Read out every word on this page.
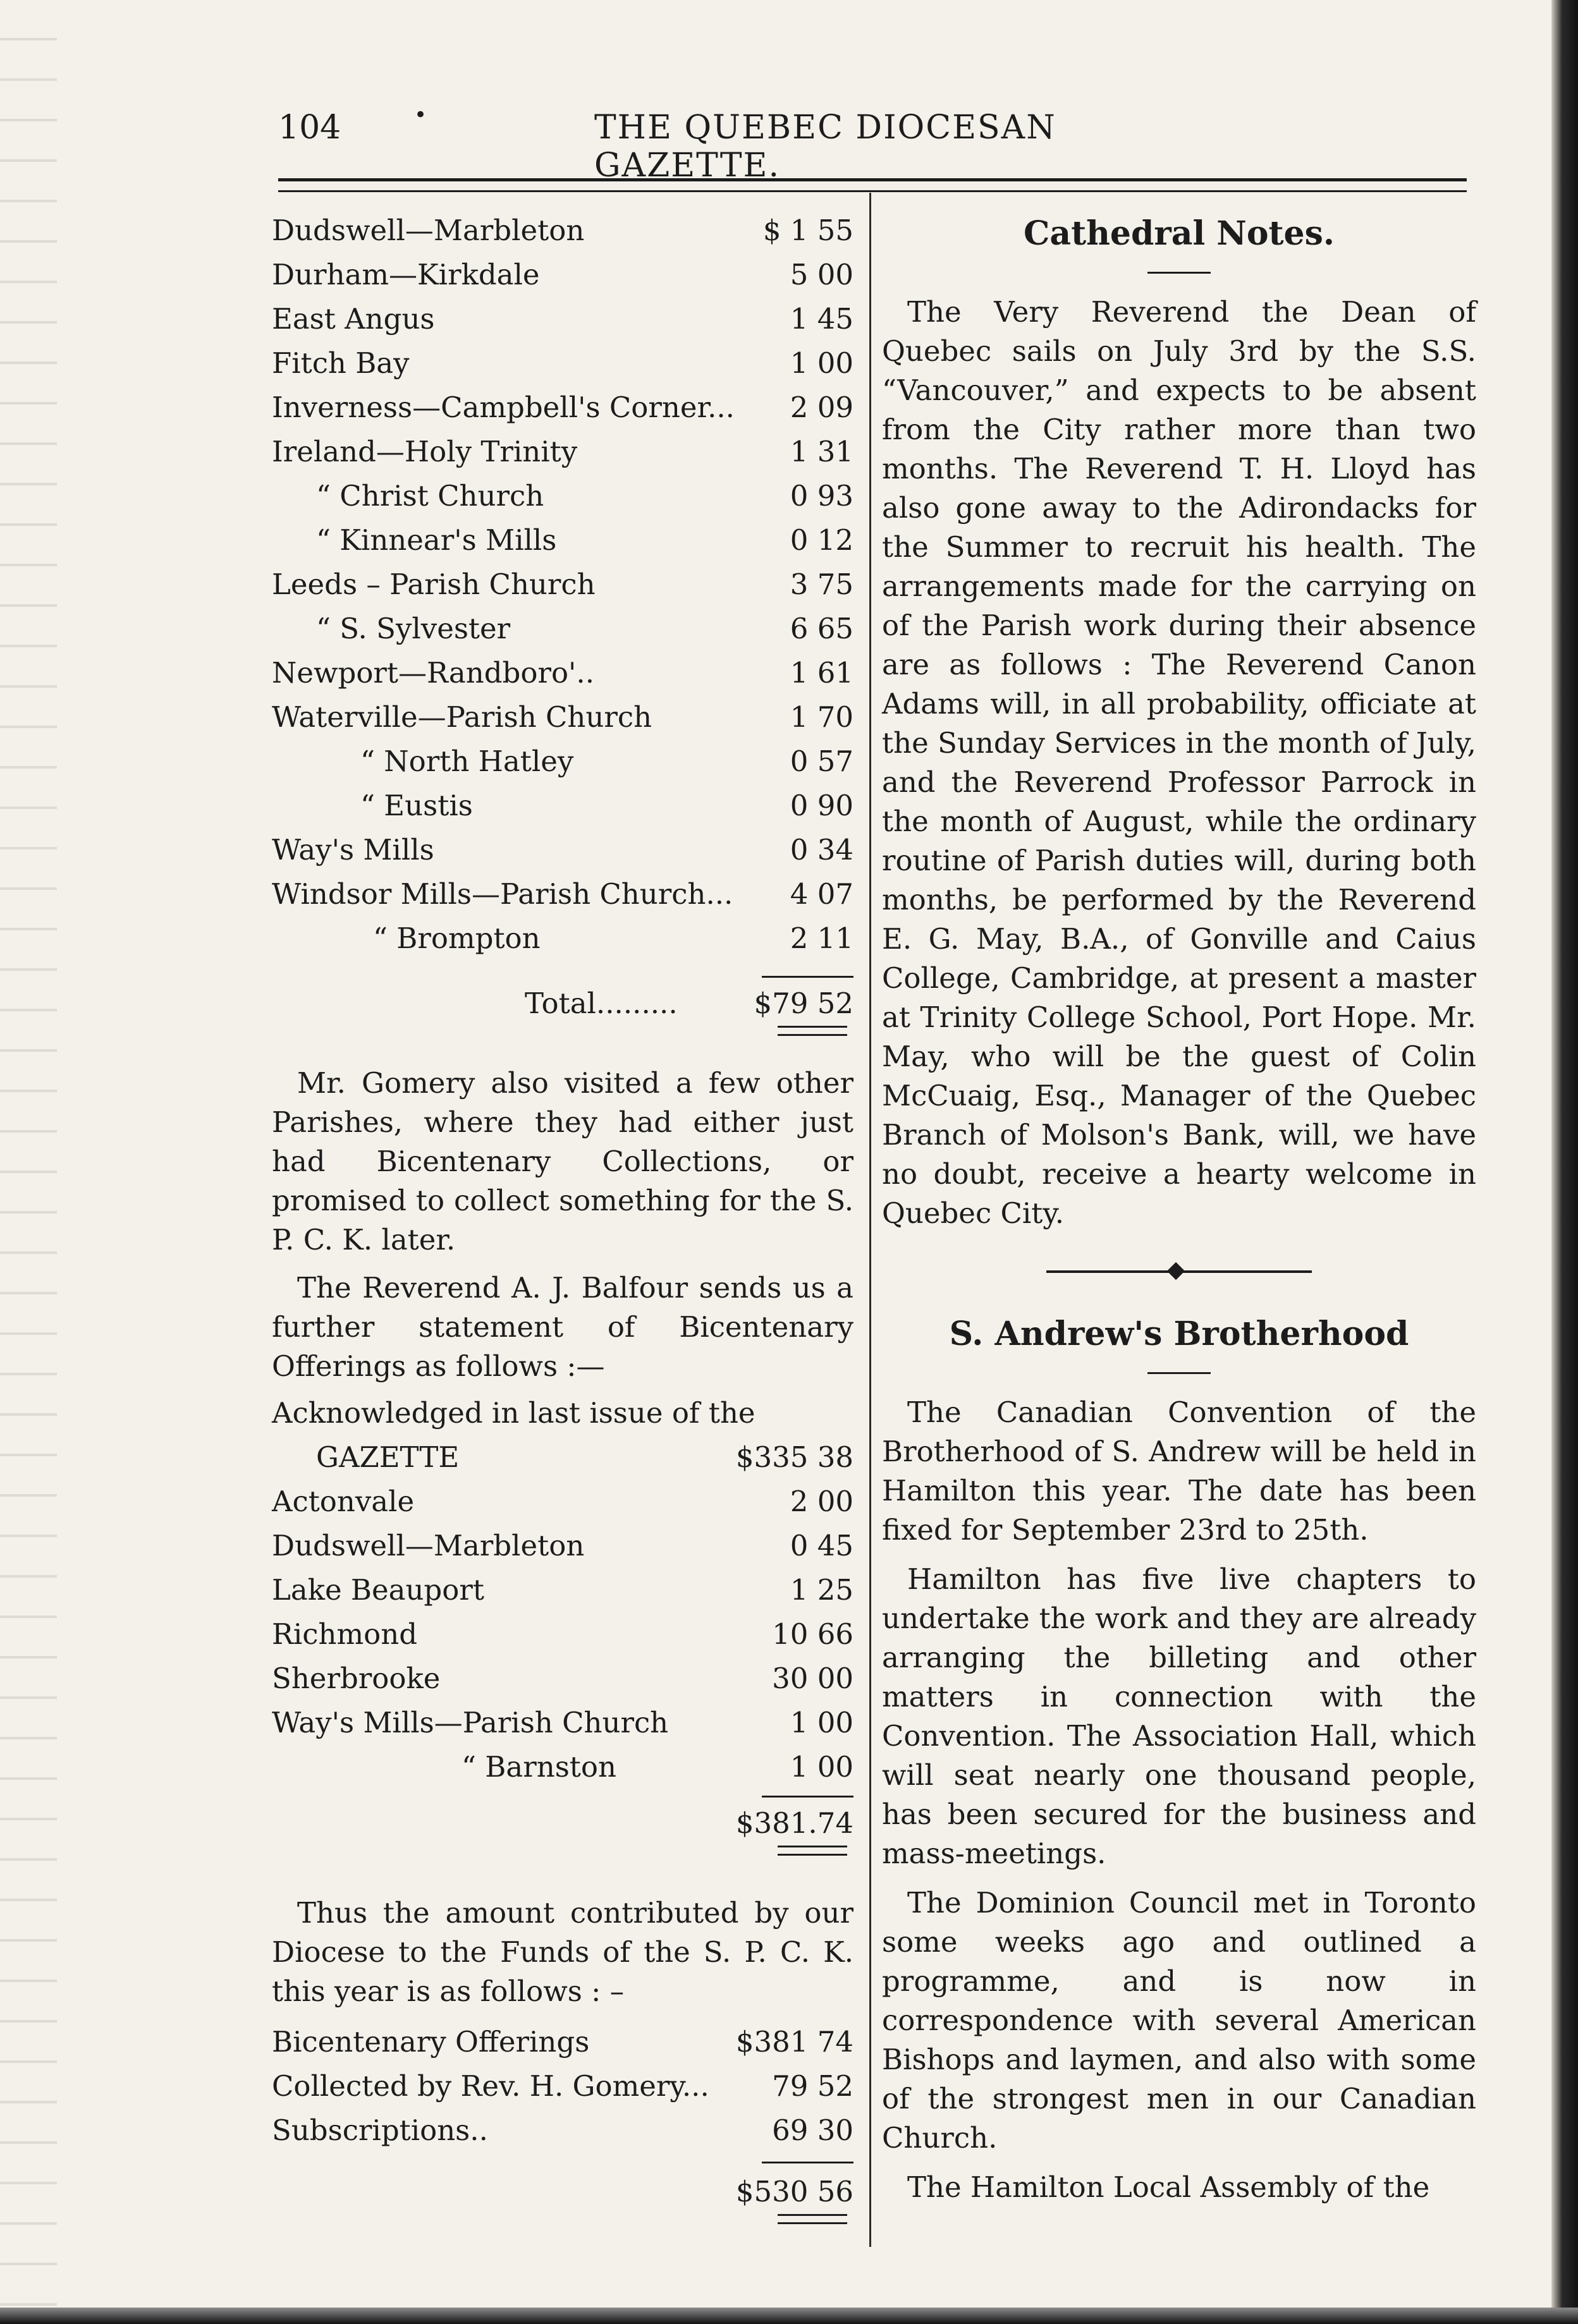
104	•	THE QUEBEC DIOCESAN GAZETTE.
Dudswell—Marbleton	$ 1 55
Durham—Kirkdale	5 00
East Angus	1 45
Fitch Bay	1 00
Inverness—Campbell's Corner... 2 09
Ireland—Holy Trinity	1 31
“ Christ Church	0 93
“ Kinnear's Mills	0 12
Leeds – Parish Church	3 75
“ S. Sylvester	6 65
Newport—Randboro'..	1 61
Waterville—Parish Church	1 70
“ North Hatley	0 57
“ Eustis	0 90
Way's Mills	0 34
Windsor Mills—Parish Church... 4 07
“ Brompton	2 11
Total.........	$79 52

Mr. Gomery also visited a few other Parishes, where they had either just had Bicentenary Collections, or promised to collect something for the S. P. C. K. later.

The Reverend A. J. Balfour sends us a further statement of Bicentenary Offerings as follows :—

Acknowledged in last issue of the
GAZETTE	$335 38
Actonvale	2 00
Dudswell—Marbleton	0 45
Lake Beauport	1 25
Richmond	10 66
Sherbrooke	30 00
Way's Mills—Parish Church	1 00
“ Barnston	1 00
$381.74

Thus the amount contributed by our Diocese to the Funds of the S. P. C. K. this year is as follows : –

Bicentenary Offerings	$381 74
Collected by Rev. H. Gomery... 79 52
Subscriptions..	69 30
$530 56
Cathedral Notes.

The Very Reverend the Dean of Quebec sails on July 3rd by the S.S. “Vancouver,” and expects to be absent from the City rather more than two months. The Reverend T. H. Lloyd has also gone away to the Adirondacks for the Summer to recruit his health. The arrangements made for the carrying on of the Parish work during their absence are as follows : The Reverend Canon Adams will, in all probability, officiate at the Sunday Services in the month of July, and the Reverend Professor Parrock in the month of August, while the ordinary routine of Parish duties will, during both months, be performed by the Reverend E. G. May, B.A., of Gonville and Caius College, Cambridge, at present a master at Trinity College School, Port Hope. Mr. May, who will be the guest of Colin McCuaig, Esq., Manager of the Quebec Branch of Molson's Bank, will, we have no doubt, receive a hearty welcome in Quebec City.

S. Andrew's Brotherhood

The Canadian Convention of the Brotherhood of S. Andrew will be held in Hamilton this year. The date has been fixed for September 23rd to 25th.

Hamilton has five live chapters to undertake the work and they are already arranging the billeting and other matters in connection with the Convention. The Association Hall, which will seat nearly one thousand people, has been secured for the business and mass-meetings.

The Dominion Council met in Toronto some weeks ago and outlined a programme, and is now in correspondence with several American Bishops and laymen, and also with some of the strongest men in our Canadian Church.

The Hamilton Local Assembly of the
